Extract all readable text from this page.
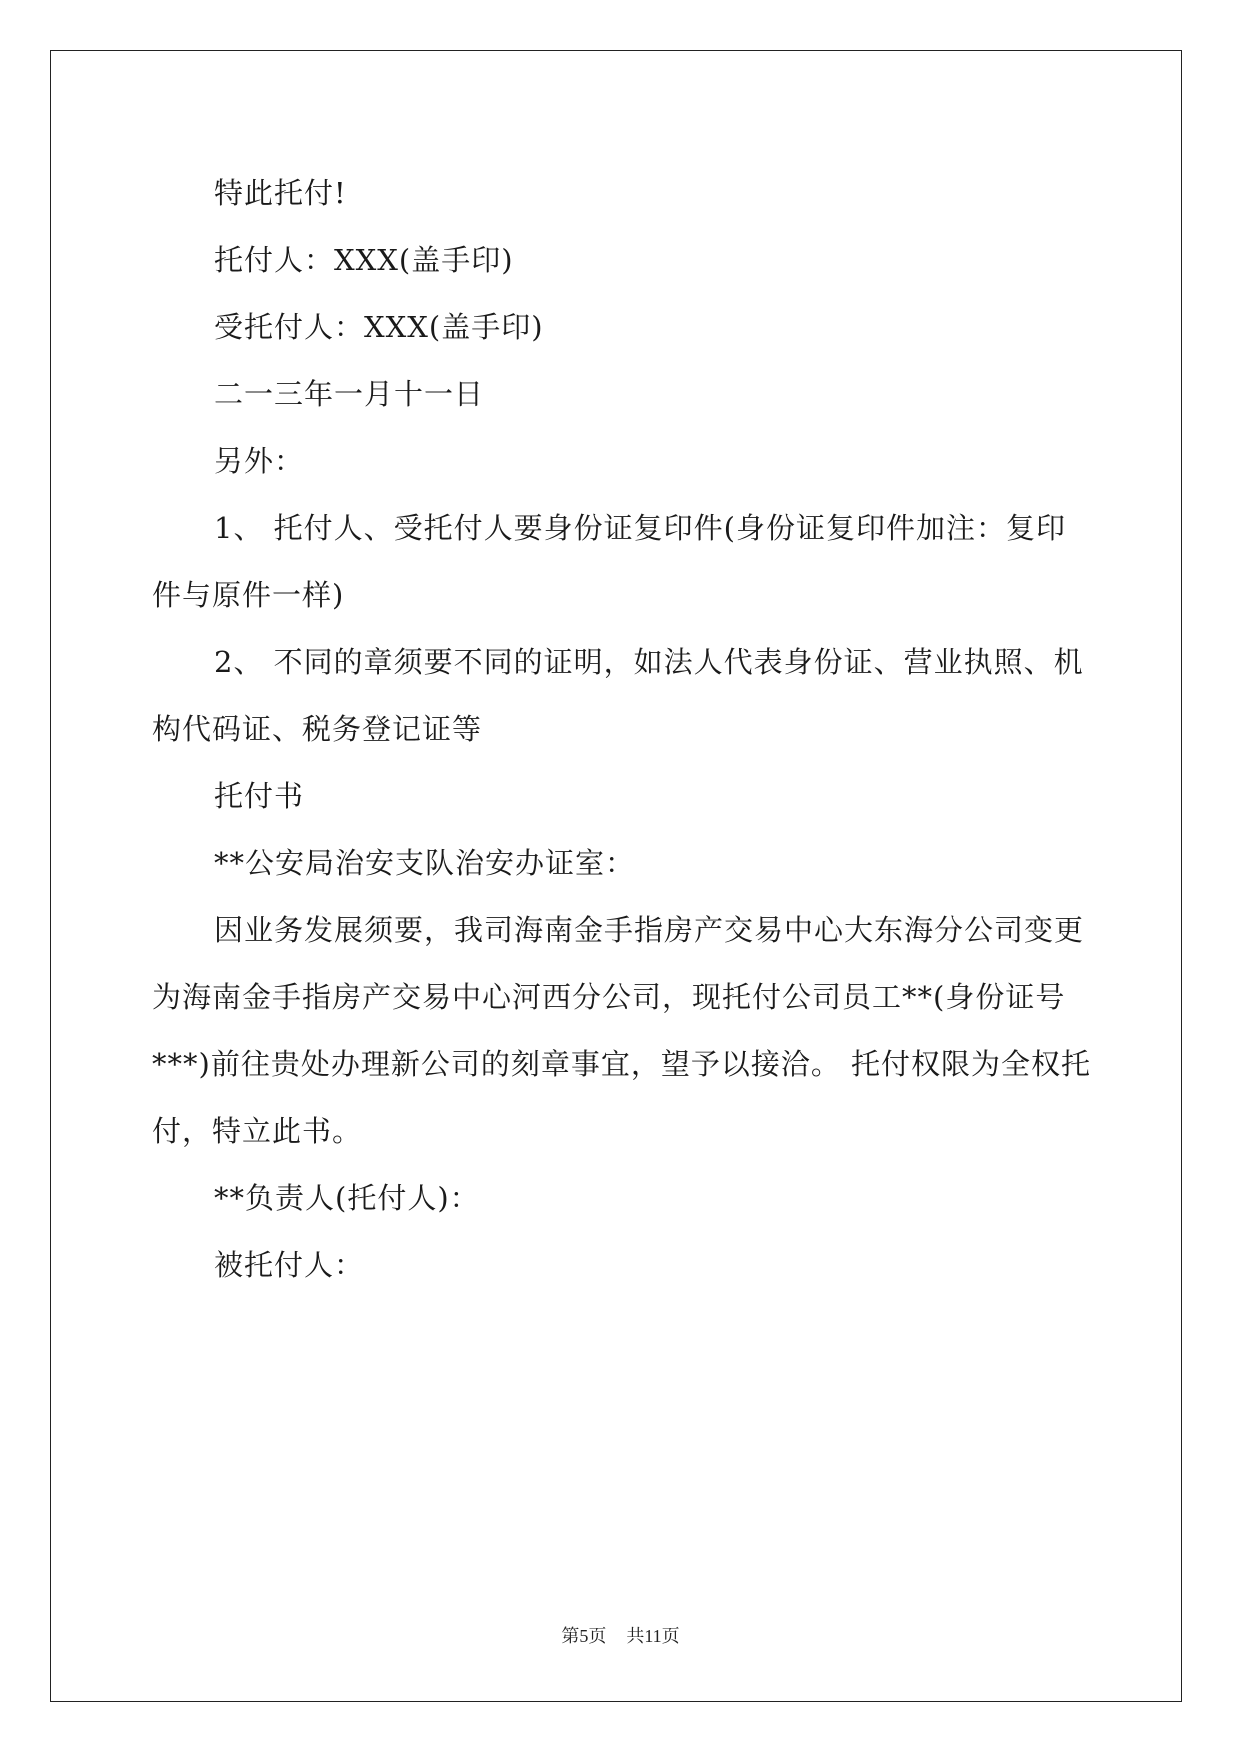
特此托付!

托付人：XXX(盖手印)

受托付人：XXX(盖手印)

二一三年一月十一日

另外：

1、 托付人、受托付人要身份证复印件(身份证复印件加注：复印件与原件一样)

2、 不同的章须要不同的证明，如法人代表身份证、营业执照、机构代码证、税务登记证等

托付书

**公安局治安支队治安办证室：

因业务发展须要，我司海南金手指房产交易中心大东海分公司变更为海南金手指房产交易中心河西分公司，现托付公司员工**(身份证号***)前往贵处办理新公司的刻章事宜，望予以接洽。 托付权限为全权托付，特立此书。

**负责人(托付人)：

被托付人：

第5页 共11页
